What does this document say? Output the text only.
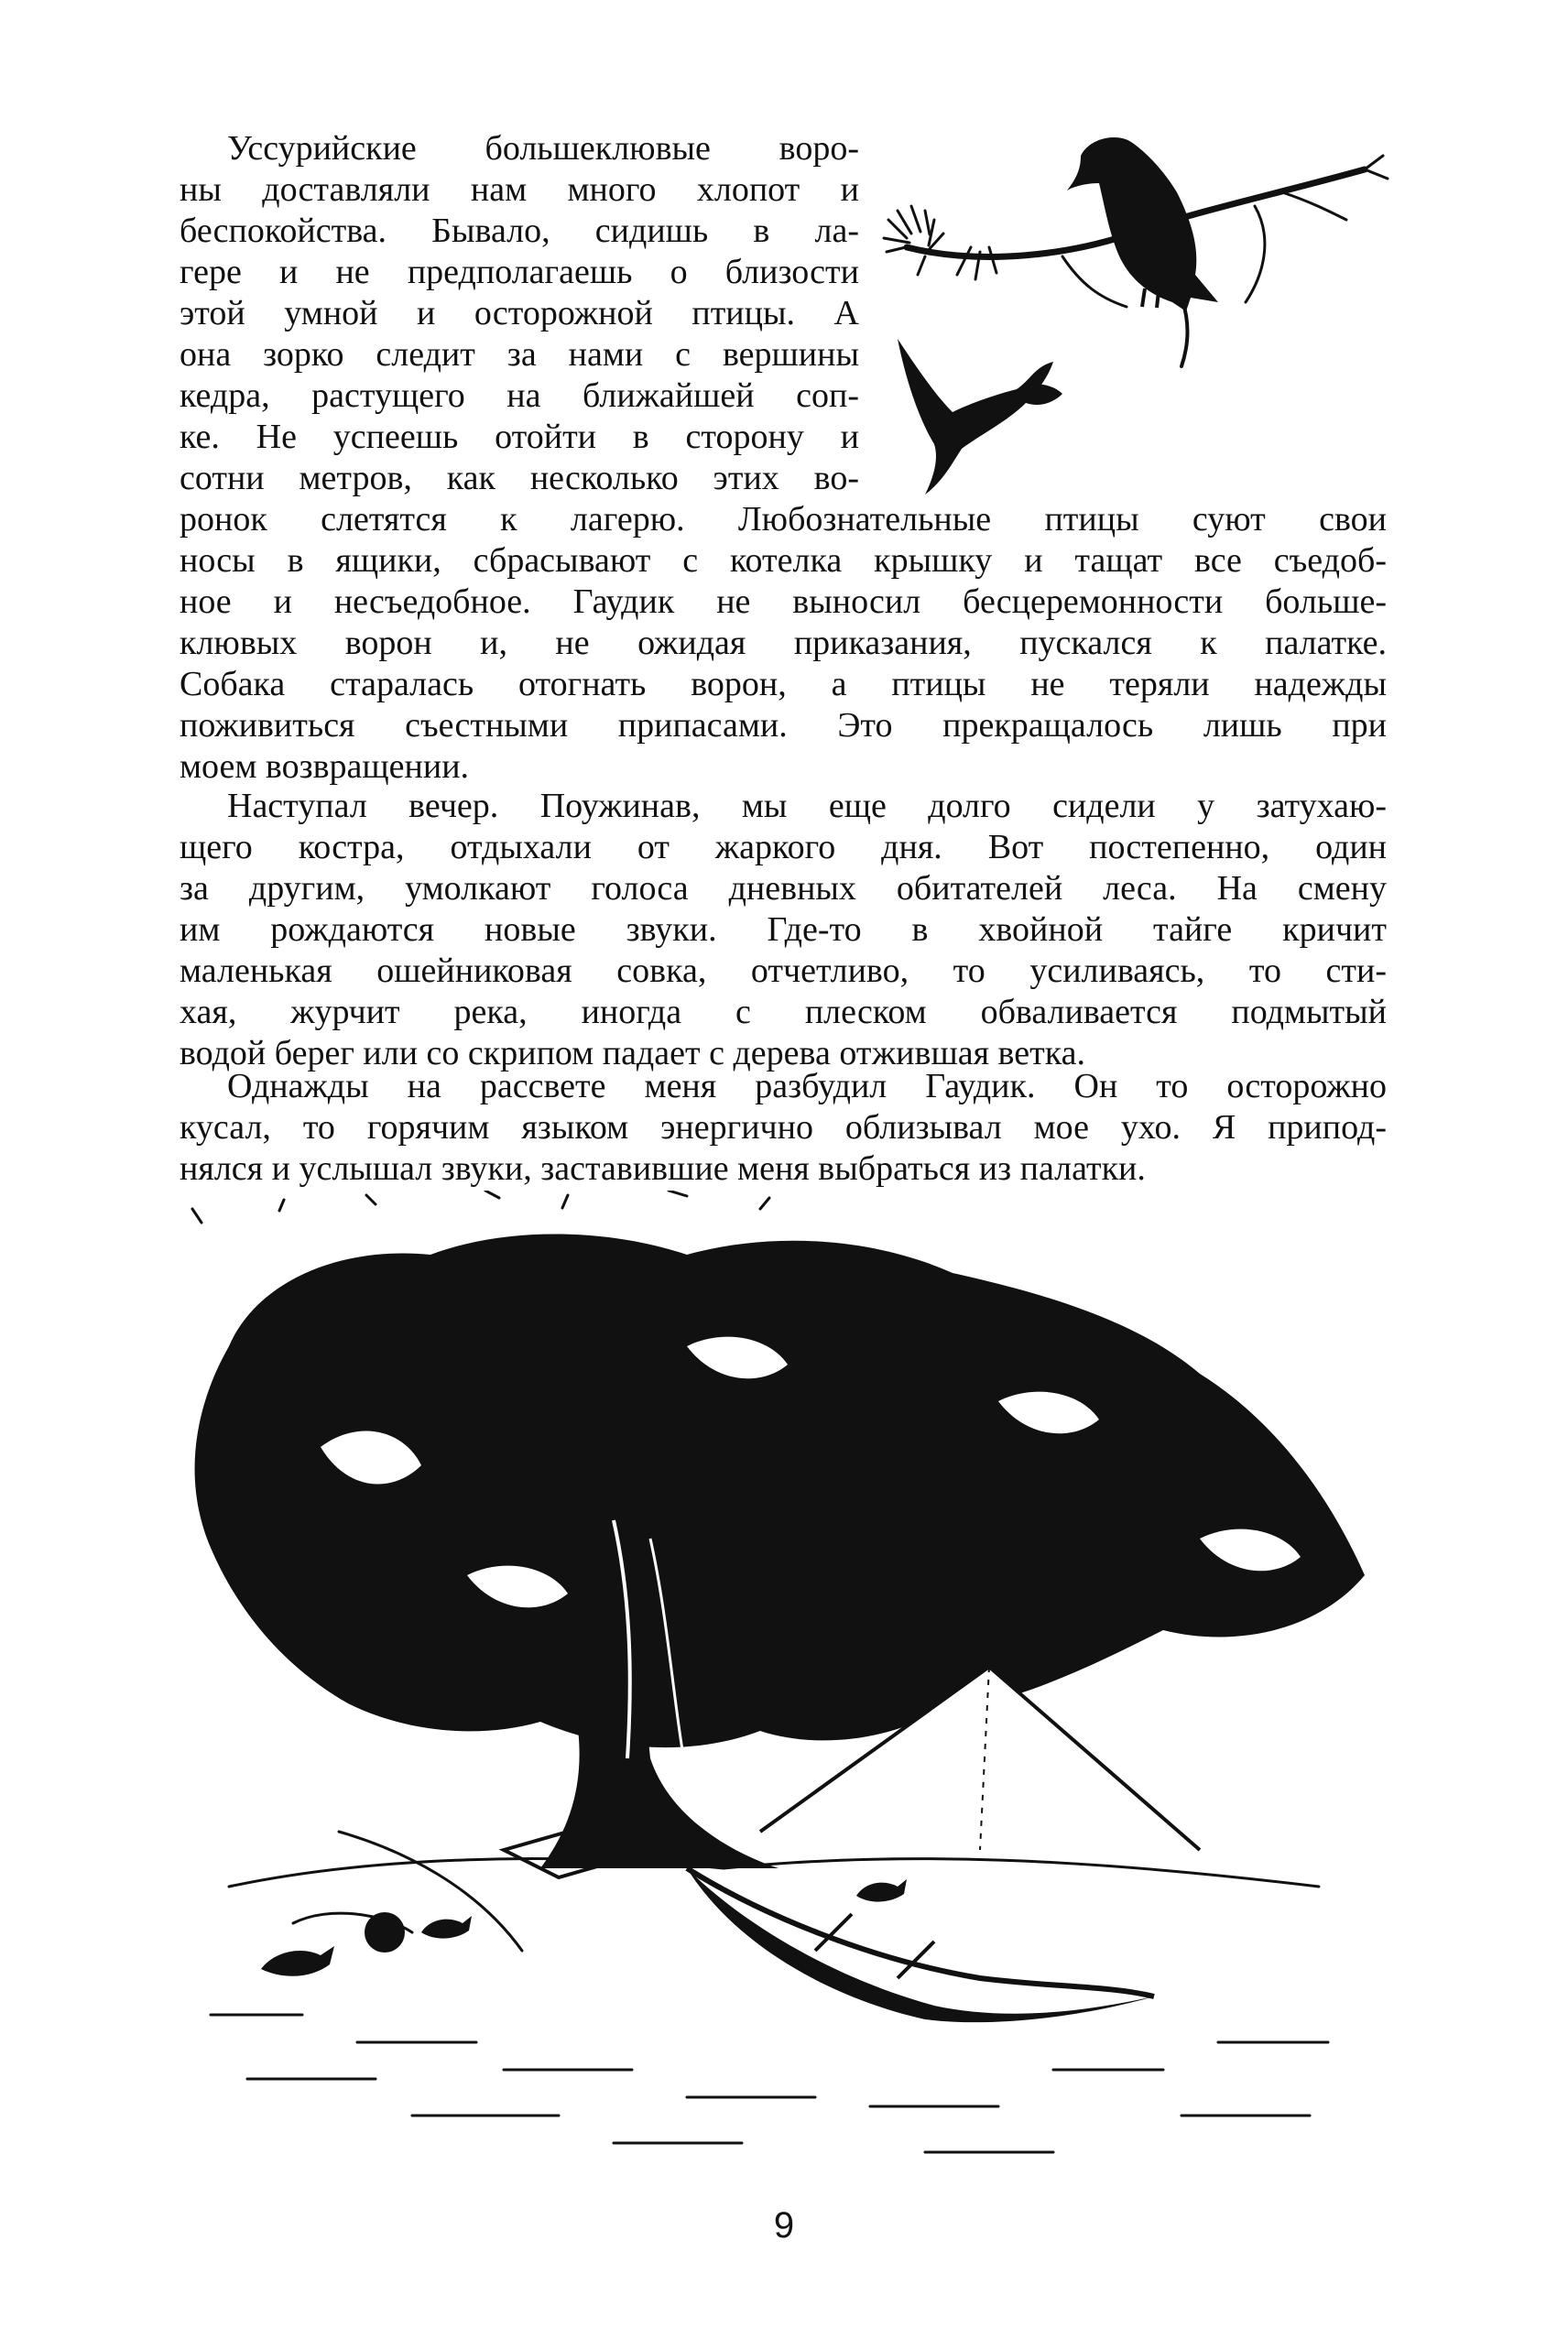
Уссурийские большеклювые воро-
ны доставляли нам много хлопот и
беспокойства. Бывало, сидишь в ла-
гере и не предполагаешь о близости
этой умной и осторожной птицы. А
она зорко следит за нами с вершины
кедра, растущего на ближайшей соп-
ке. Не успеешь отойти в сторону и
сотни метров, как несколько этих во-
ронок слетятся к лагерю. Любознательные птицы суют свои
носы в ящики, сбрасывают с котелка крышку и тащат все съедоб-
ное и несъедобное. Гаудик не выносил бесцеремонности больше-
клювых ворон и, не ожидая приказания, пускался к палатке.
Собака старалась отогнать ворон, а птицы не теряли надежды
поживиться съестными припасами. Это прекращалось лишь при
моем возвращении.
Наступал вечер. Поужинав, мы еще долго сидели у затухаю-
щего костра, отдыхали от жаркого дня. Вот постепенно, один
за другим, умолкают голоса дневных обитателей леса. На смену
им рождаются новые звуки. Где-то в хвойной тайге кричит
маленькая ошейниковая совка, отчетливо, то усиливаясь, то сти-
хая, журчит река, иногда с плеском обваливается подмытый
водой берег или со скрипом падает с дерева отжившая ветка.
Однажды на рассвете меня разбудил Гаудик. Он то осторожно
кусал, то горячим языком энергично облизывал мое ухо. Я припод-
нялся и услышал звуки, заставившие меня выбраться из палатки.
9
